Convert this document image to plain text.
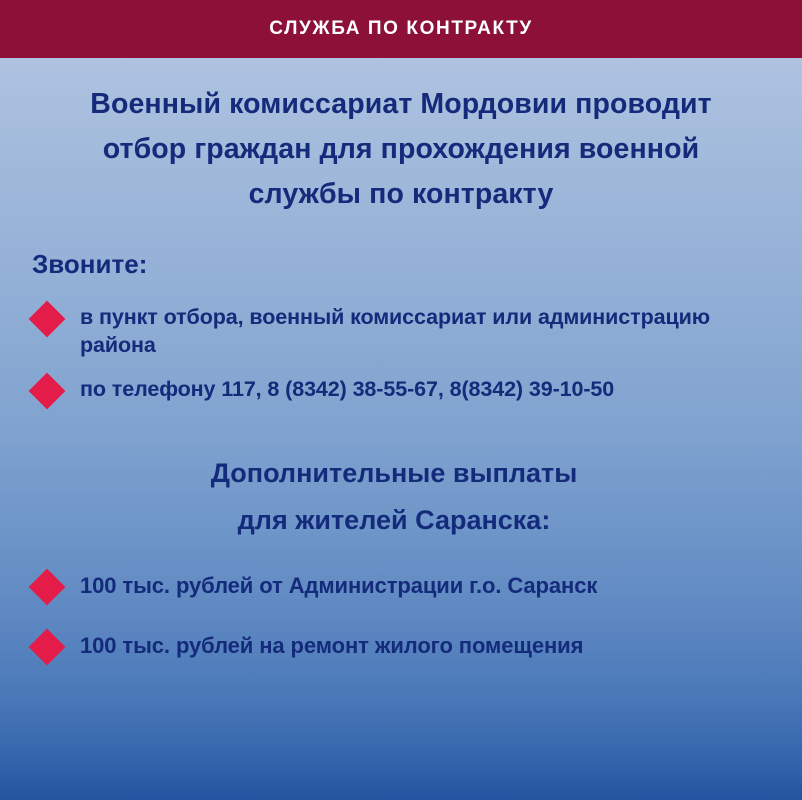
СЛУЖБА ПО КОНТРАКТУ
Военный комиссариат Мордовии проводит
отбор граждан для прохождения военной
службы по контракту
Звоните:
в пункт отбора, военный комиссариат или администрацию района
по телефону 117, 8 (8342) 38-55-67, 8(8342) 39-10-50
Дополнительные выплаты
для жителей Саранска:
100 тыс. рублей от Администрации г.о. Саранск
100 тыс. рублей на ремонт жилого помещения
